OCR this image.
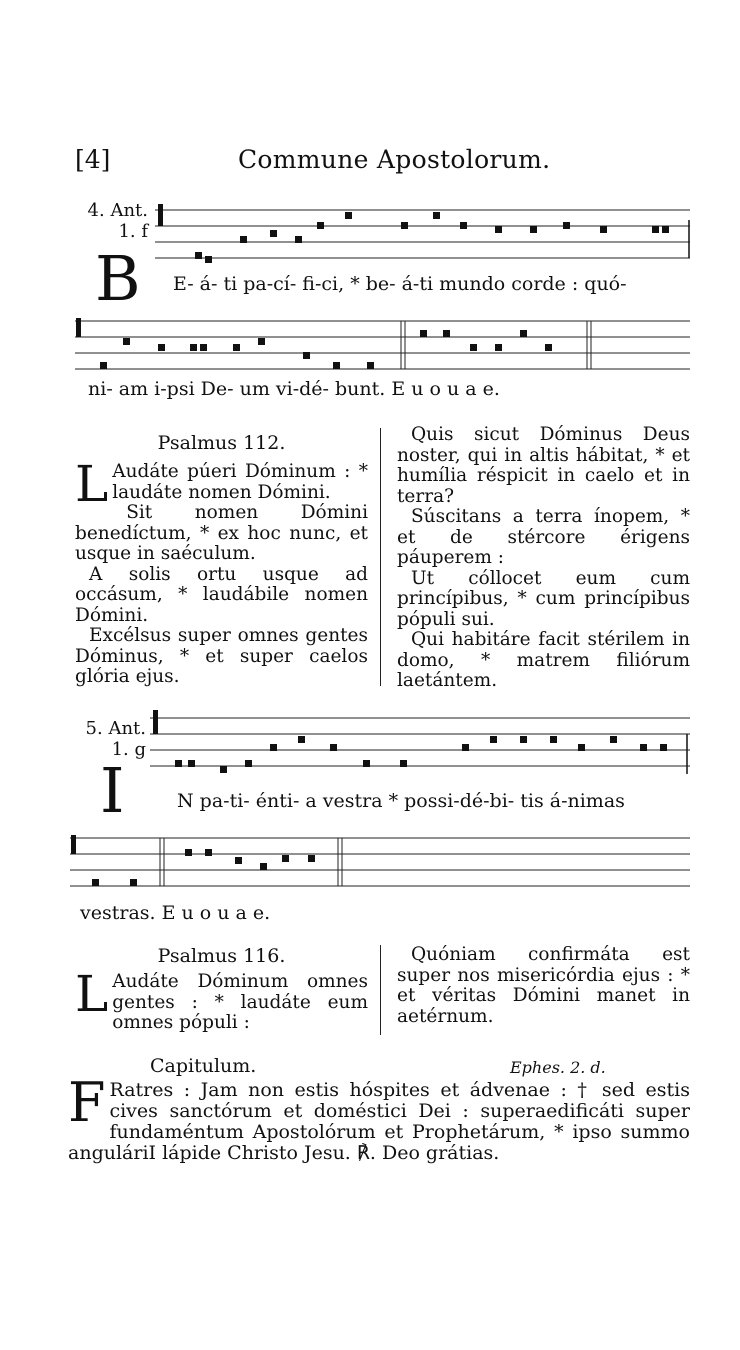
[4]	Commune Apostolorum.
4. Ant.
1. f
B E- á- ti pa-cí- fi-ci, * be- á-ti mundo corde : quó-
ni- am i-psi De- um vi-dé- bunt. E u o u a e.
Psalmus 112.
L Audáte púeri Dóminum : * laudáte nomen Dómini.

Sit nomen Dómini benedíctum, * ex hoc nunc, et usque in saéculum.

A solis ortu usque ad occásum, * laudábile nomen Dómini.

Excélsus super omnes gentes Dóminus, * et super caelos glória ejus.

Quis sicut Dóminus Deus noster, qui in altis hábitat, * et humília réspicit in caelo et in terra?

Súscitans a terra ínopem, * et de stércore érigens páuperem :

Ut cóllocet eum cum princípibus, * cum princípibus pópuli sui.

Qui habitáre facit stérilem in domo, * matrem filiórum laetántem.

5. Ant.
1. g
I	N pa-ti- énti- a vestra * possi-dé-bi- tis á-nimas
vestras. E u o u a e.
Psalmus 116.
L Audáte Dóminum omnes gentes : * laudáte eum omnes pópuli :

Quóniam confirmáta est super nos misericórdia ejus : * et véritas Dómini manet in aetérnum.

Capitulum.	Ephes. 2. d.
F Ratres : Jam non estis hóspites et ádvenae : † sed estis cives sanctórum et doméstici Dei : superaedificáti super fundaméntum Apostolórum et Prophetárum, * ipso summo anguláriI lápide Christo Jesu. ℟. Deo grátias.
